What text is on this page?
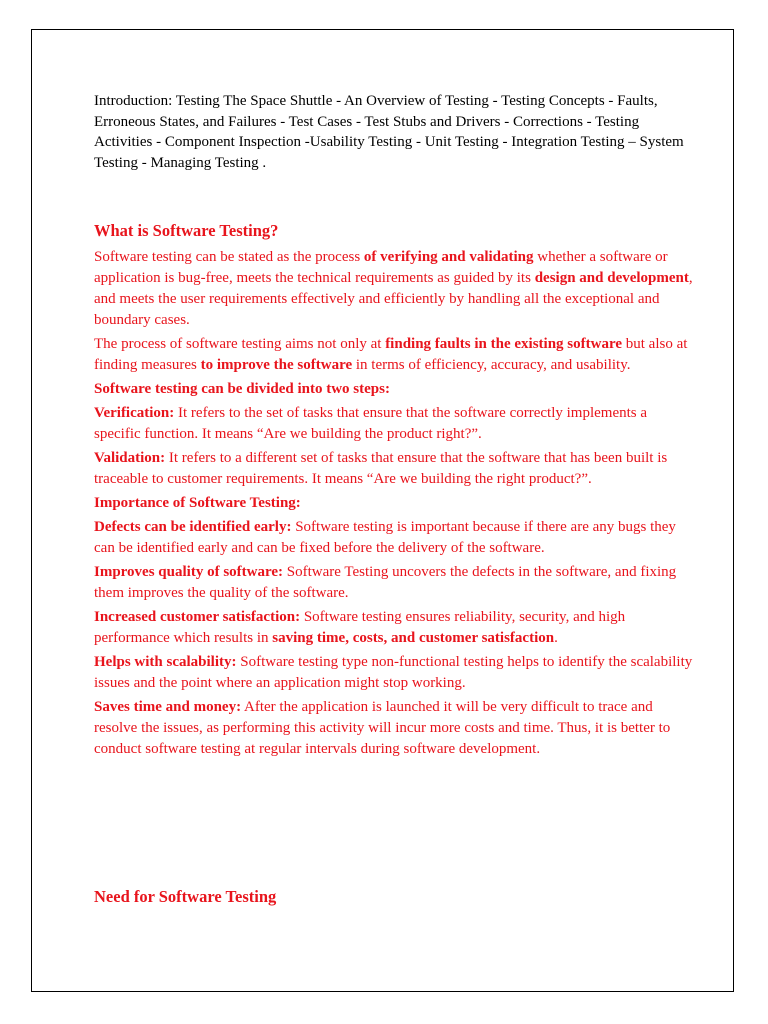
Introduction: Testing The Space Shuttle - An Overview of Testing - Testing Concepts - Faults, Erroneous States, and Failures - Test Cases - Test Stubs and Drivers - Corrections - Testing Activities - Component Inspection -Usability Testing - Unit Testing - Integration Testing – System Testing - Managing Testing .

What is Software Testing?

Software testing can be stated as the process of verifying and validating whether a software or application is bug-free, meets the technical requirements as guided by its design and development, and meets the user requirements effectively and efficiently by handling all the exceptional and boundary cases.

The process of software testing aims not only at finding faults in the existing software but also at finding measures to improve the software in terms of efficiency, accuracy, and usability.

Software testing can be divided into two steps:

Verification: It refers to the set of tasks that ensure that the software correctly implements a specific function. It means “Are we building the product right?”.

Validation: It refers to a different set of tasks that ensure that the software that has been built is traceable to customer requirements. It means “Are we building the right product?”.

Importance of Software Testing:

Defects can be identified early: Software testing is important because if there are any bugs they can be identified early and can be fixed before the delivery of the software.

Improves quality of software: Software Testing uncovers the defects in the software, and fixing them improves the quality of the software.

Increased customer satisfaction: Software testing ensures reliability, security, and high performance which results in saving time, costs, and customer satisfaction.

Helps with scalability: Software testing type non-functional testing helps to identify the scalability issues and the point where an application might stop working.

Saves time and money: After the application is launched it will be very difficult to trace and resolve the issues, as performing this activity will incur more costs and time. Thus, it is better to conduct software testing at regular intervals during software development.

Need for Software Testing
